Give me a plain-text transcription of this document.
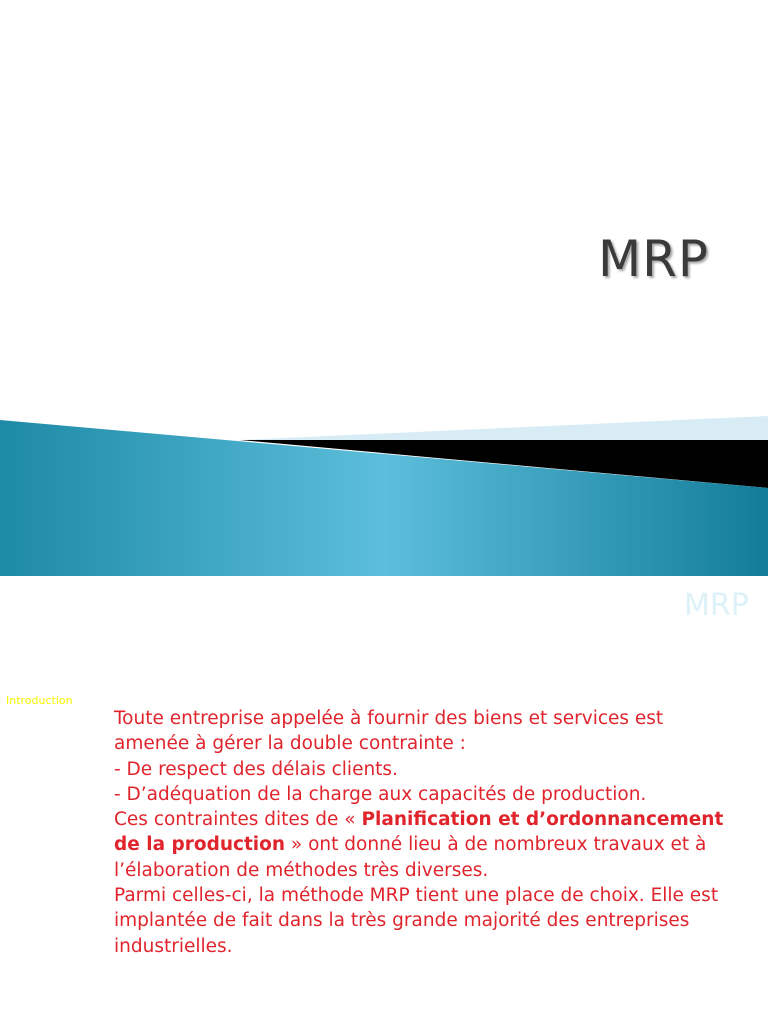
MRP
MRP
Introduction

Toute entreprise appelée à fournir des biens et services est amenée à gérer la double contrainte :

- De respect des délais clients.

- D’adéquation de la charge aux capacités de production.

Ces contraintes dites de « Planification et d’ordonnancement de la production » ont donné lieu à de nombreux travaux et à l’élaboration de méthodes très diverses.

Parmi celles-ci, la méthode MRP tient une place de choix. Elle est implantée de fait dans la très grande majorité des entreprises industrielles.
